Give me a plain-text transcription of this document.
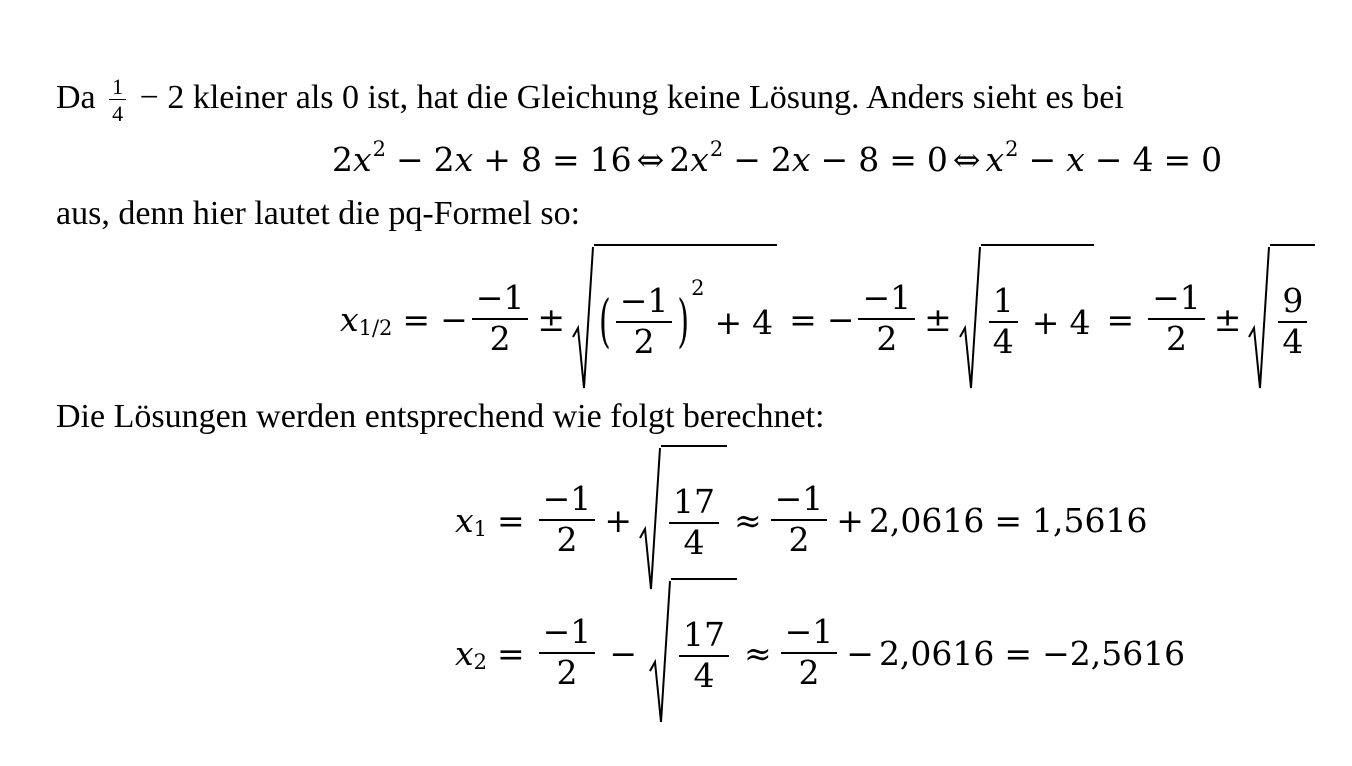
Da $\frac{1}{4} - 2$ kleiner als 0 ist, hat die Gleichung keine Lösung. Anders sieht es bei
$2x^2 - 2x + 8 = 16$ ⇔ $2x^2 - 2x - 8 = 0$ ⇔ $x^2 - x - 4 = 0$
aus, denn hier lautet die pq-Formel so:
x 1/2 = − $\frac{-1}{2}$ ± ( $\frac{-1}{2}$ )
2
+ 4 = − $\frac{-1}{2} \pm \frac{1}{4} + 4 = \frac{-1}{2} \pm \frac{9}{4}$
Die Lösungen werden entsprechend wie folgt berechnet:
x $1 = \frac{-1}{2} + \frac{17}{4} \approx \frac{-1}{2} + 2,0616 = 1,5616$
x $2 = \frac{-1}{2} - \frac{17}{4} \approx \frac{-1}{2} - 2,0616 = -2,5616$
